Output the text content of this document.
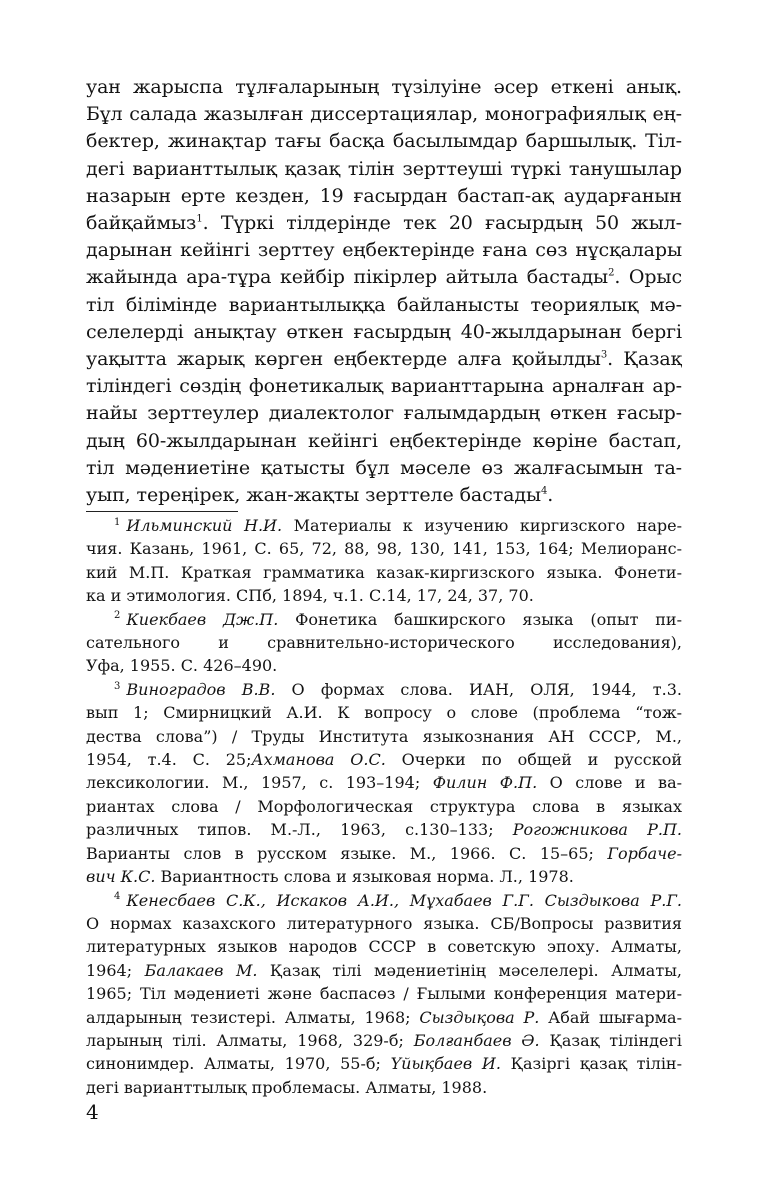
уан жарыспа тұлғаларының түзілуіне әсер еткені анық.
Бұл салада жазылған диссертациялар, монографиялық ең-
бектер, жинақтар тағы басқа басылымдар баршылық. Тіл-
дегі варианттылық қазақ тілін зерттеуші түркі танушылар
назарын ерте кезден, 19 ғасырдан бастап-ақ аударғанын
байқаймыз$^1$. Түркі тілдерінде тек 20 ғасырдың 50 жыл-
дарынан кейінгі зерттеу еңбектерінде ғана сөз нұсқалары
жайында ара-тұра кейбір пікірлер айтыла бастады$^2$. Орыс
тіл білімінде вариантылыққа байланысты теориялық мә-
селелерді анықтау өткен ғасырдың 40-жылдарынан бергі
уақытта жарық көрген еңбектерде алға қойылды$^3$. Қазақ
тіліндегі сөздің фонетикалық варианттарына арналған ар-
найы зерттеулер диалектолог ғалымдардың өткен ғасыр-
дың 60-жылдарынан кейінгі еңбектерінде көріне бастап,
тіл мәдениетіне қатысты бұл мәселе өз жалғасымын та-
уып, тереңірек, жан-жақты зерттеле бастады$^4$.

$^1$ Ильминский Н.И. Материалы к изучению киргизского наре-
чия. Казань, 1961, С. 65, 72, 88, 98, 130, 141, 153, 164; Мелиоранс-
кий М.П. Краткая грамматика казак-киргизского языка. Фонети-
ка и этимология. СПб, 1894, ч.1. С.14, 17, 24, 37, 70.
$^2$ Киекбаев Дж.П. Фонетика башкирского языка (опыт пи-
сательного и сравнительно-исторического исследования),
Уфа, 1955. С. 426–490.
$^3$ Виноградов В.В. О формах слова. ИАН, ОЛЯ, 1944, т.3.
вып 1; Смирницкий А.И. К вопросу о слове (проблема “тож-
дества слова”) / Труды Института языкознания АН СССР, М.,
1954, т.4. С. 25;Ахманова О.С. Очерки по общей и русской
лексикологии. М., 1957, с. 193–194; Филин Ф.П. О слове и ва-
риантах слова / Морфологическая структура слова в языках
различных типов. М.-Л., 1963, с.130–133; Рогожникова Р.П.
Варианты слов в русском языке. М., 1966. С. 15–65; Горбаче-
вич К.С. Вариантность слова и языковая норма. Л., 1978.
$^4$ Кенесбаев С.К., Искаков А.И., Мұхабаев Г.Г. Сыздыкова Р.Г.
О нормах казахского литературного языка. СБ/Вопросы развития
литературных языков народов СССР в советскую эпоху. Алматы,
1964; Балакаев М. Қазақ тілі мәдениетінің мәселелері. Алматы,
1965; Тіл мәдениеті және баспасөз / Ғылыми конференция матери-
алдарының тезистері. Алматы, 1968; Сыздықова Р. Абай шығарма-
ларының тілі. Алматы, 1968, 329-б; Болғанбаев Ә. Қазақ тіліндегі
синонимдер. Алматы, 1970, 55-б; Үйықбаев И. Қазіргі қазақ тілін-
дегі варианттылық проблемасы. Алматы, 1988.
4
